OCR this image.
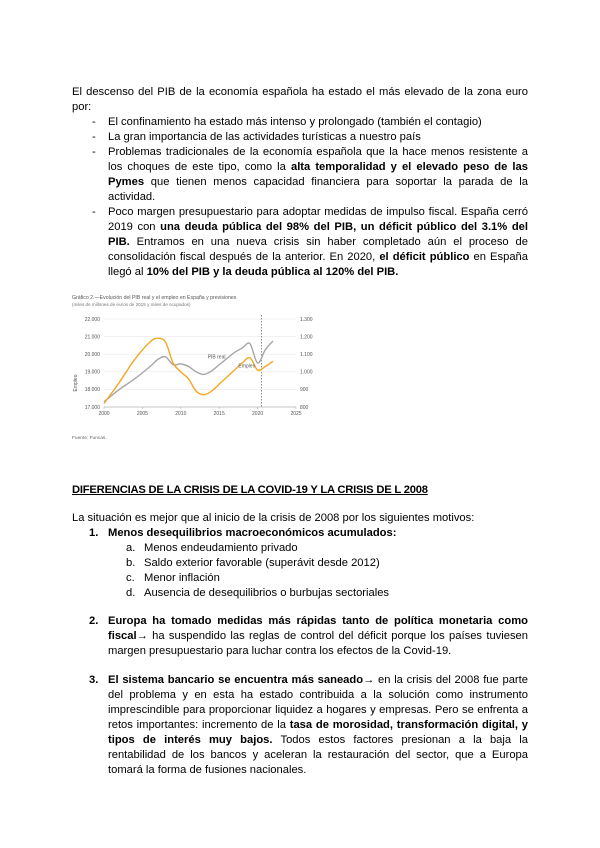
El descenso del PIB de la economía española ha estado el más elevado de la zona euro por:
- El confinamiento ha estado más intenso y prolongado (también el contagio)
- La gran importancia de las actividades turísticas a nuestro país
- Problemas tradicionales de la economía española que la hace menos resistente a los choques de este tipo, como la alta temporalidad y el elevado peso de las Pymes que tienen menos capacidad financiera para soportar la parada de la actividad.
- Poco margen presupuestario para adoptar medidas de impulso fiscal. España cerró 2019 con una deuda pública del 98% del PIB, un déficit público del 3.1% del PIB. Entramos en una nueva crisis sin haber completado aún el proceso de consolidación fiscal después de la anterior. En 2020, el déficit público en España llegó al 10% del PIB y la deuda pública al 120% del PIB.
Gráfico 2.—Evolución del PIB real y el empleo en España y previsiones
(miles de millones de euros de 2015 y miles de ocupados)
17.000
18.000
19.000
20.000
21.000
22.000
800
900
1.000
1.100
1.200
1.300
2000	2005	2010	2015	2020	2025
PIB real
Empleo
Empleo
Fuente: Funcas.
DIFERENCIAS DE LA CRISIS DE LA COVID-19 Y LA CRISIS DE L 2008
La situación es mejor que al inicio de la crisis de 2008 por los siguientes motivos:
1. Menos desequilibrios macroeconómicos acumulados:
a. Menos endeudamiento privado
b. Saldo exterior favorable (superávit desde 2012)
c. Menor inflación
d. Ausencia de desequilibrios o burbujas sectoriales
2. Europa ha tomado medidas más rápidas tanto de política monetaria como fiscal→ ha suspendido las reglas de control del déficit porque los países tuviesen margen presupuestario para luchar contra los efectos de la Covid-19.
3. El sistema bancario se encuentra más saneado→ en la crisis del 2008 fue parte del problema y en esta ha estado contribuida a la solución como instrumento imprescindible para proporcionar liquidez a hogares y empresas. Pero se enfrenta a retos importantes: incremento de la tasa de morosidad, transformación digital, y tipos de interés muy bajos. Todos estos factores presionan a la baja la rentabilidad de los bancos y aceleran la restauración del sector, que a Europa tomará la forma de fusiones nacionales.
